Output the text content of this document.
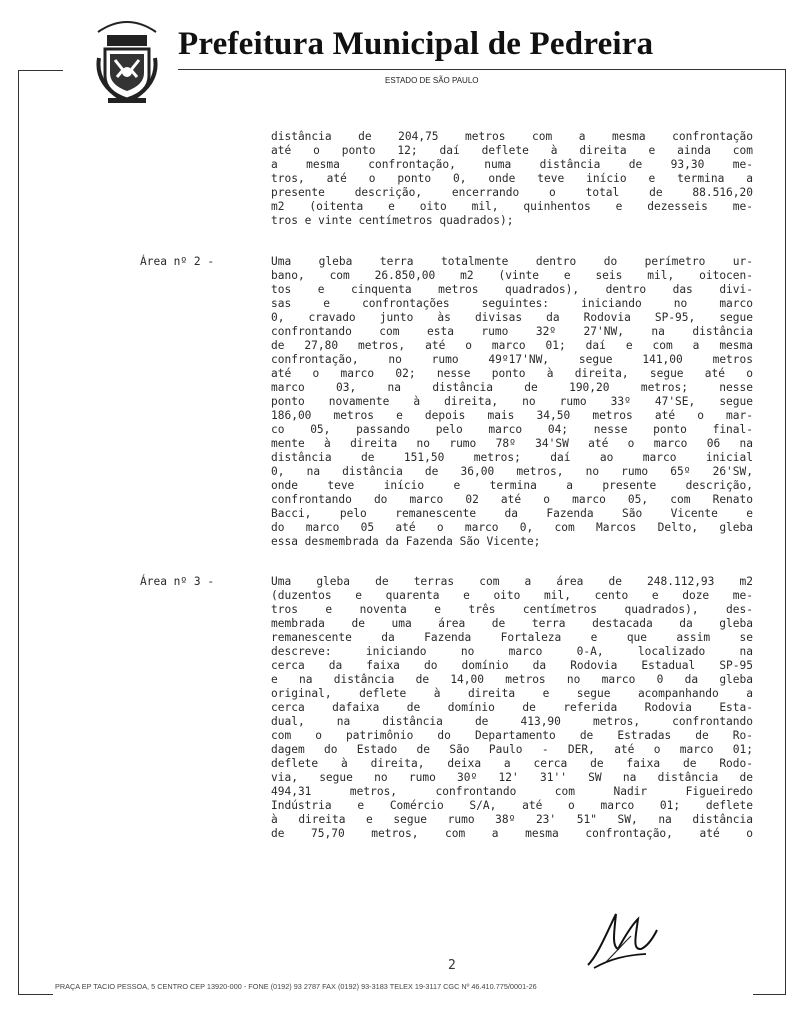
Prefeitura Municipal de Pedreira
ESTADO DE SÃO PAULO
distância de 204,75 metros com a mesma confrontação
até o ponto 12; daí deflete à direita e ainda com
a mesma confrontação, numa distância de 93,30 me-
tros, até o ponto 0, onde teve início e termina a
presente descrição, encerrando o total de 88.516,20
m2 (oitenta e oito mil, quinhentos e dezesseis me-
tros e vinte centímetros quadrados);
Área nº 2 -	Uma gleba terra totalmente dentro do perímetro ur-
bano, com 26.850,00 m2 (vinte e seis mil, oitocen-
tos e cinquenta metros quadrados), dentro das divi-
sas e confrontações seguintes: iniciando no marco
0, cravado junto às divisas da Rodovia SP-95, segue
confrontando com esta rumo 32º 27'NW, na distância
de 27,80 metros, até o marco 01; daí e com a mesma
confrontação, no rumo 49º17'NW, segue 141,00 metros
até o marco 02; nesse ponto à direita, segue até o
marco 03, na distância de 190,20 metros; nesse
ponto novamente à direita, no rumo 33º 47'SE, segue
186,00 metros e depois mais 34,50 metros até o mar-
co 05, passando pelo marco 04; nesse ponto final-
mente à direita no rumo 78º 34'SW até o marco 06 na
distância de 151,50 metros; daí ao marco inicial
0, na distância de 36,00 metros, no rumo 65º 26'SW,
onde teve início e termina a presente descrição,
confrontando do marco 02 até o marco 05, com Renato
Bacci, pelo remanescente da Fazenda São Vicente e
do marco 05 até o marco 0, com Marcos Delto, gleba
essa desmembrada da Fazenda São Vicente;
Área nº 3 -	Uma gleba de terras com a área de 248.112,93 m2
(duzentos e quarenta e oito mil, cento e doze me-
tros e noventa e três centímetros quadrados), des-
membrada de uma área de terra destacada da gleba
remanescente da Fazenda Fortaleza e que assim se
descreve: iniciando no marco 0-A, localizado na
cerca da faixa do domínio da Rodovia Estadual SP-95
e na distância de 14,00 metros no marco 0 da gleba
original, deflete à direita e segue acompanhando a
cerca dafaixa de domínio de referida Rodovia Esta-
dual, na distância de 413,90 metros, confrontando
com o patrimônio do Departamento de Estradas de Ro-
dagem do Estado de São Paulo - DER, até o marco 01;
deflete à direita, deixa a cerca de faixa de Rodo-
via, segue no rumo 30º 12' 31'' SW na distância de
494,31 metros, confrontando com Nadir Figueiredo
Indústria e Comércio S/A, até o marco 01; deflete
à direita e segue rumo 38º 23' 51" SW, na distância
de 75,70 metros, com a mesma confrontação, até o
2
PRAÇA EP TACIO PESSOA, 5 CENTRO CEP 13920-000 - FONE (0192) 93 2787 FAX (0192) 93-3183 TELEX 19-3117 CGC Nº 46.410.775/0001-26
